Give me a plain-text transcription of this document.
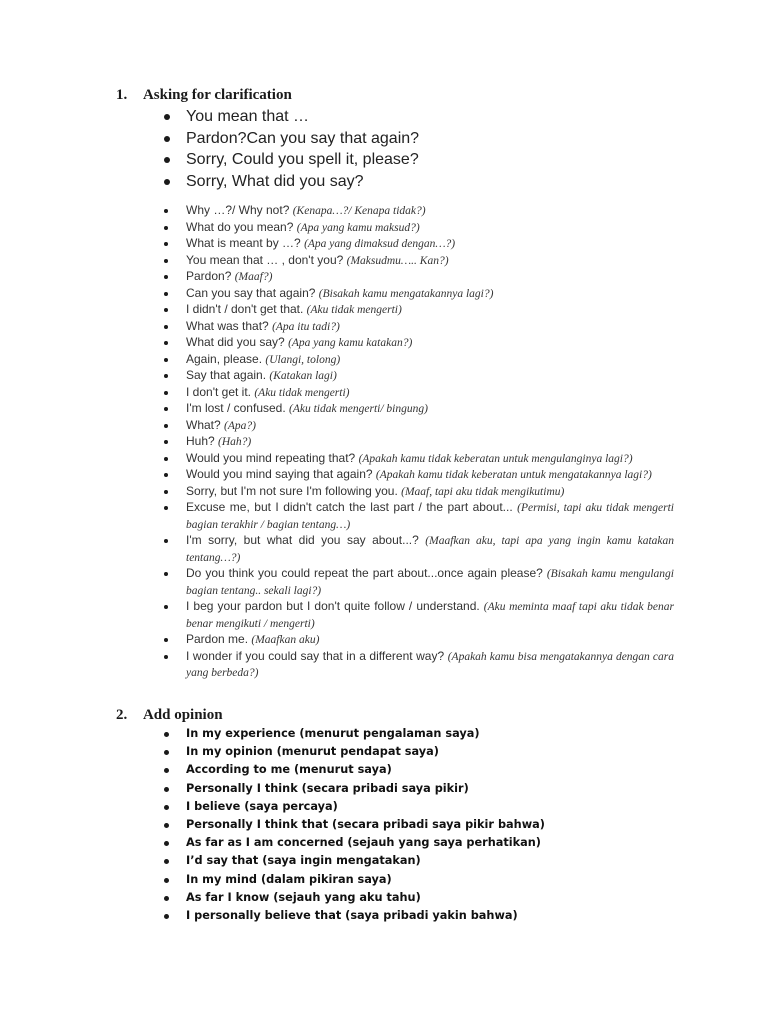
1. Asking for clarification
You mean that …
Pardon?Can you say that again?
Sorry, Could you spell it, please?
Sorry, What did you say?
Why …?/ Why not? (Kenapa…?/ Kenapa tidak?)
What do you mean? (Apa yang kamu maksud?)
What is meant by …? (Apa yang dimaksud dengan…?)
You mean that … , don't you? (Maksudmu….. Kan?)
Pardon? (Maaf?)
Can you say that again? (Bisakah kamu mengatakannya lagi?)
I didn't / don't get that. (Aku tidak mengerti)
What was that? (Apa itu tadi?)
What did you say? (Apa yang kamu katakan?)
Again, please. (Ulangi, tolong)
Say that again. (Katakan lagi)
I don't get it. (Aku tidak mengerti)
I'm lost / confused. (Aku tidak mengerti/ bingung)
What? (Apa?)
Huh? (Hah?)
Would you mind repeating that? (Apakah kamu tidak keberatan untuk mengulanginya lagi?)
Would you mind saying that again? (Apakah kamu tidak keberatan untuk mengatakannya lagi?)
Sorry, but I'm not sure I'm following you. (Maaf, tapi aku tidak mengikutimu)
Excuse me, but I didn't catch the last part / the part about... (Permisi, tapi aku tidak mengerti bagian terakhir / bagian tentang…)
I'm sorry, but what did you say about...? (Maafkan aku, tapi apa yang ingin kamu katakan tentang…?)
Do you think you could repeat the part about...once again please? (Bisakah kamu mengulangi bagian tentang.. sekali lagi?)
I beg your pardon but I don't quite follow / understand. (Aku meminta maaf tapi aku tidak benar benar mengikuti / mengerti)
Pardon me. (Maafkan aku)
I wonder if you could say that in a different way? (Apakah kamu bisa mengatakannya dengan cara yang berbeda?)
2. Add opinion
In my experience (menurut pengalaman saya)
In my opinion (menurut pendapat saya)
According to me (menurut saya)
Personally I think (secara pribadi saya pikir)
I believe (saya percaya)
Personally I think that (secara pribadi saya pikir bahwa)
As far as I am concerned (sejauh yang saya perhatikan)
I’d say that (saya ingin mengatakan)
In my mind (dalam pikiran saya)
As far I know (sejauh yang aku tahu)
I personally believe that (saya pribadi yakin bahwa)
